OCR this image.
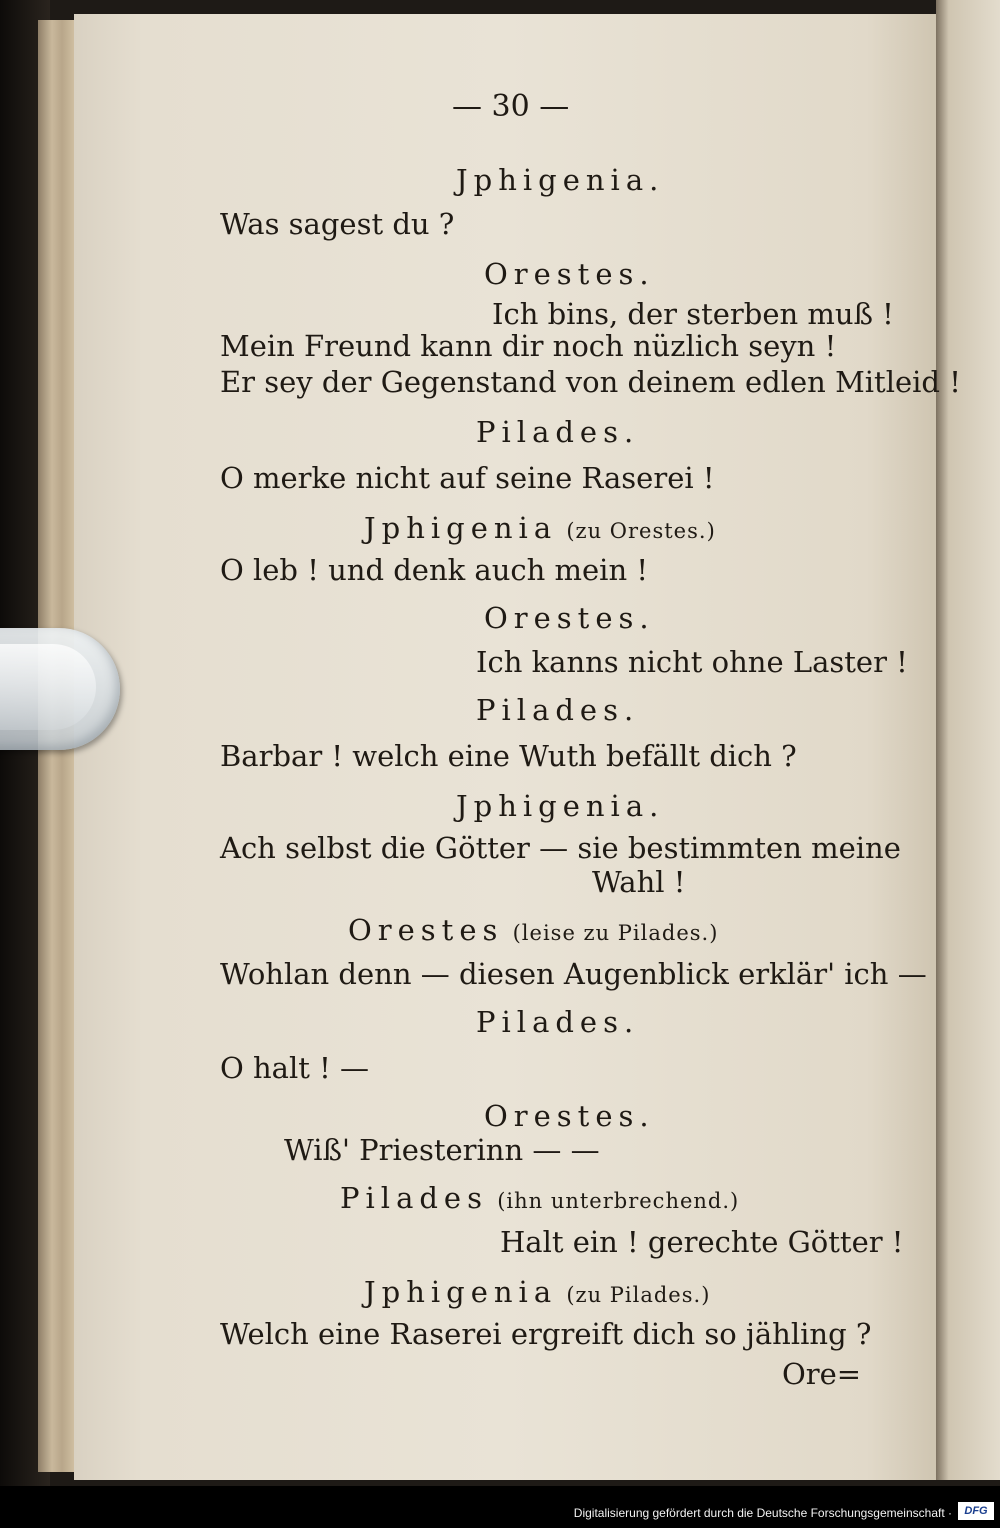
— 30 —
Jphigenia.
Was sagest du ?
Orestes.
Ich bins, der sterben muß !
Mein Freund kann dir noch nüzlich seyn !
Er sey der Gegenstand von deinem edlen Mitleid !
Pilades.
O merke nicht auf seine Raserei !
Jphigenia (zu Orestes.)
O leb ! und denk auch mein !
Orestes.
Ich kanns nicht ohne Laster !
Pilades.
Barbar ! welch eine Wuth befällt dich ?
Jphigenia.
Ach selbst die Götter — sie bestimmten meine
Wahl !
Orestes (leise zu Pilades.)
Wohlan denn — diesen Augenblick erklär' ich —
Pilades.
O halt ! —
Orestes.
Wiß' Priesterinn — —
Pilades (ihn unterbrechend.)
Halt ein ! gerechte Götter !
Jphigenia (zu Pilades.)
Welch eine Raserei ergreift dich so jähling ?
Ore=
Digitalisierung gefördert durch die Deutsche Forschungsgemeinschaft ·	DFG
